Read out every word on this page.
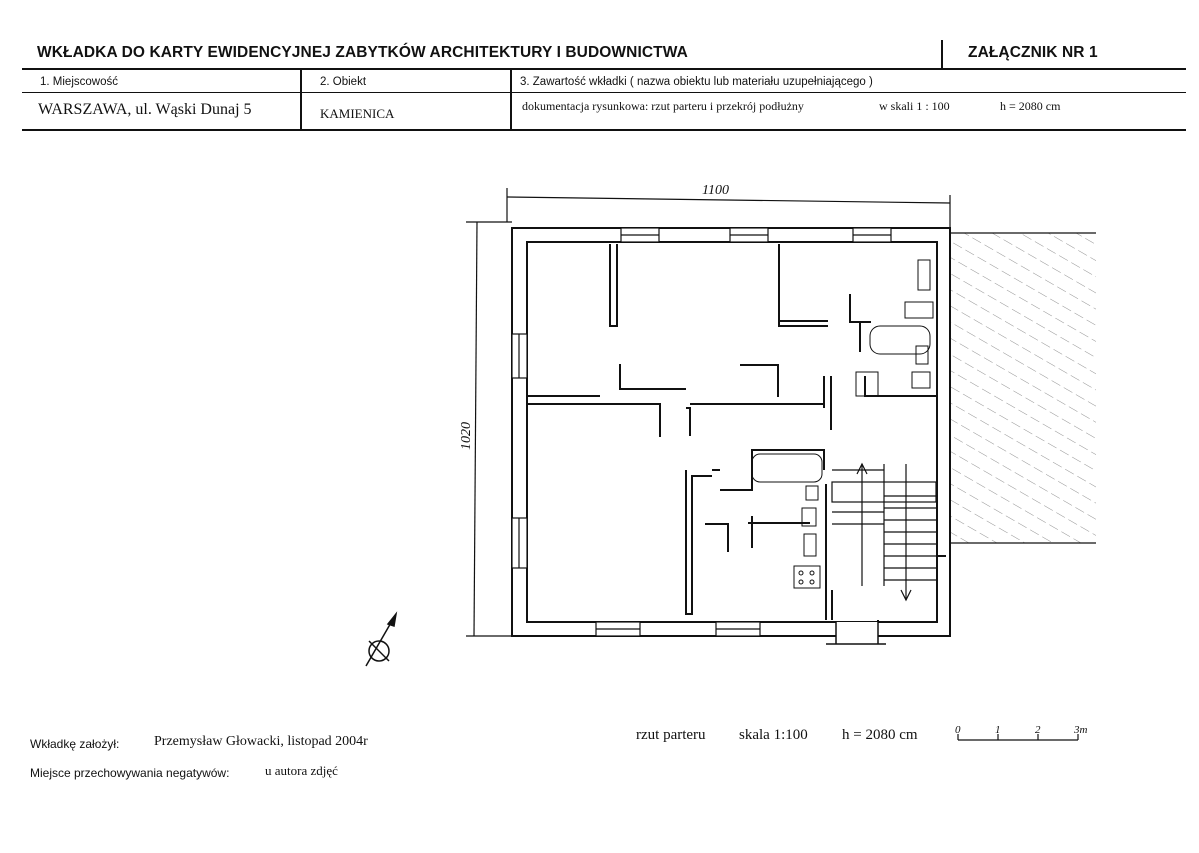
WKŁADKA DO KARTY EWIDENCYJNEJ ZABYTKÓW ARCHITEKTURY I BUDOWNICTWA	ZAŁĄCZNIK NR 1
1. Miejscowość	2. Obiekt	3. Zawartość wkładki ( nazwa obiektu lub materiału uzupełniającego )
WARSZAWA, ul. Wąski Dunaj 5	KAMIENICA	dokumentacja rysunkowa: rzut parteru i przekrój podłużny	w skali 1 : 100	h = 2080 cm
1100
1020
0	1	2	3m
Wkładkę założył: Przemysław Głowacki, listopad 2004r
Miejsce przechowywania negatywów:	u autora zdjęć
rzut parteru skala 1:100 h = 2080 cm
